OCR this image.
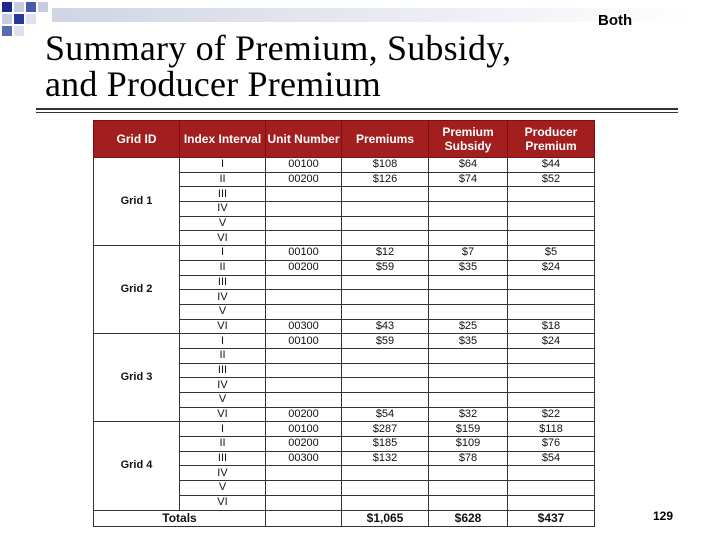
Both
Summary of Premium, Subsidy,
and Producer Premium
Grid ID	Index Interval	Unit Number	Premiums	Premium Subsidy	Producer Premium
Grid 1	I	00100	$108	$64	$44
	II	00200	$126	$74	$52
	III				
	IV				
	V				
	VI				
Grid 2	I	00100	$12	$7	$5
	II	00200	$59	$35	$24
	III				
	IV				
	V				
	VI	00300	$43	$25	$18
Grid 3	I	00100	$59	$35	$24
	II				
	III				
	IV				
	V				
	VI	00200	$54	$32	$22
Grid 4	I	00100	$287	$159	$118
	II	00200	$185	$109	$76
	III	00300	$132	$78	$54
	IV				
	V				
	VI				
Totals			$1,065	$628	$437	129
